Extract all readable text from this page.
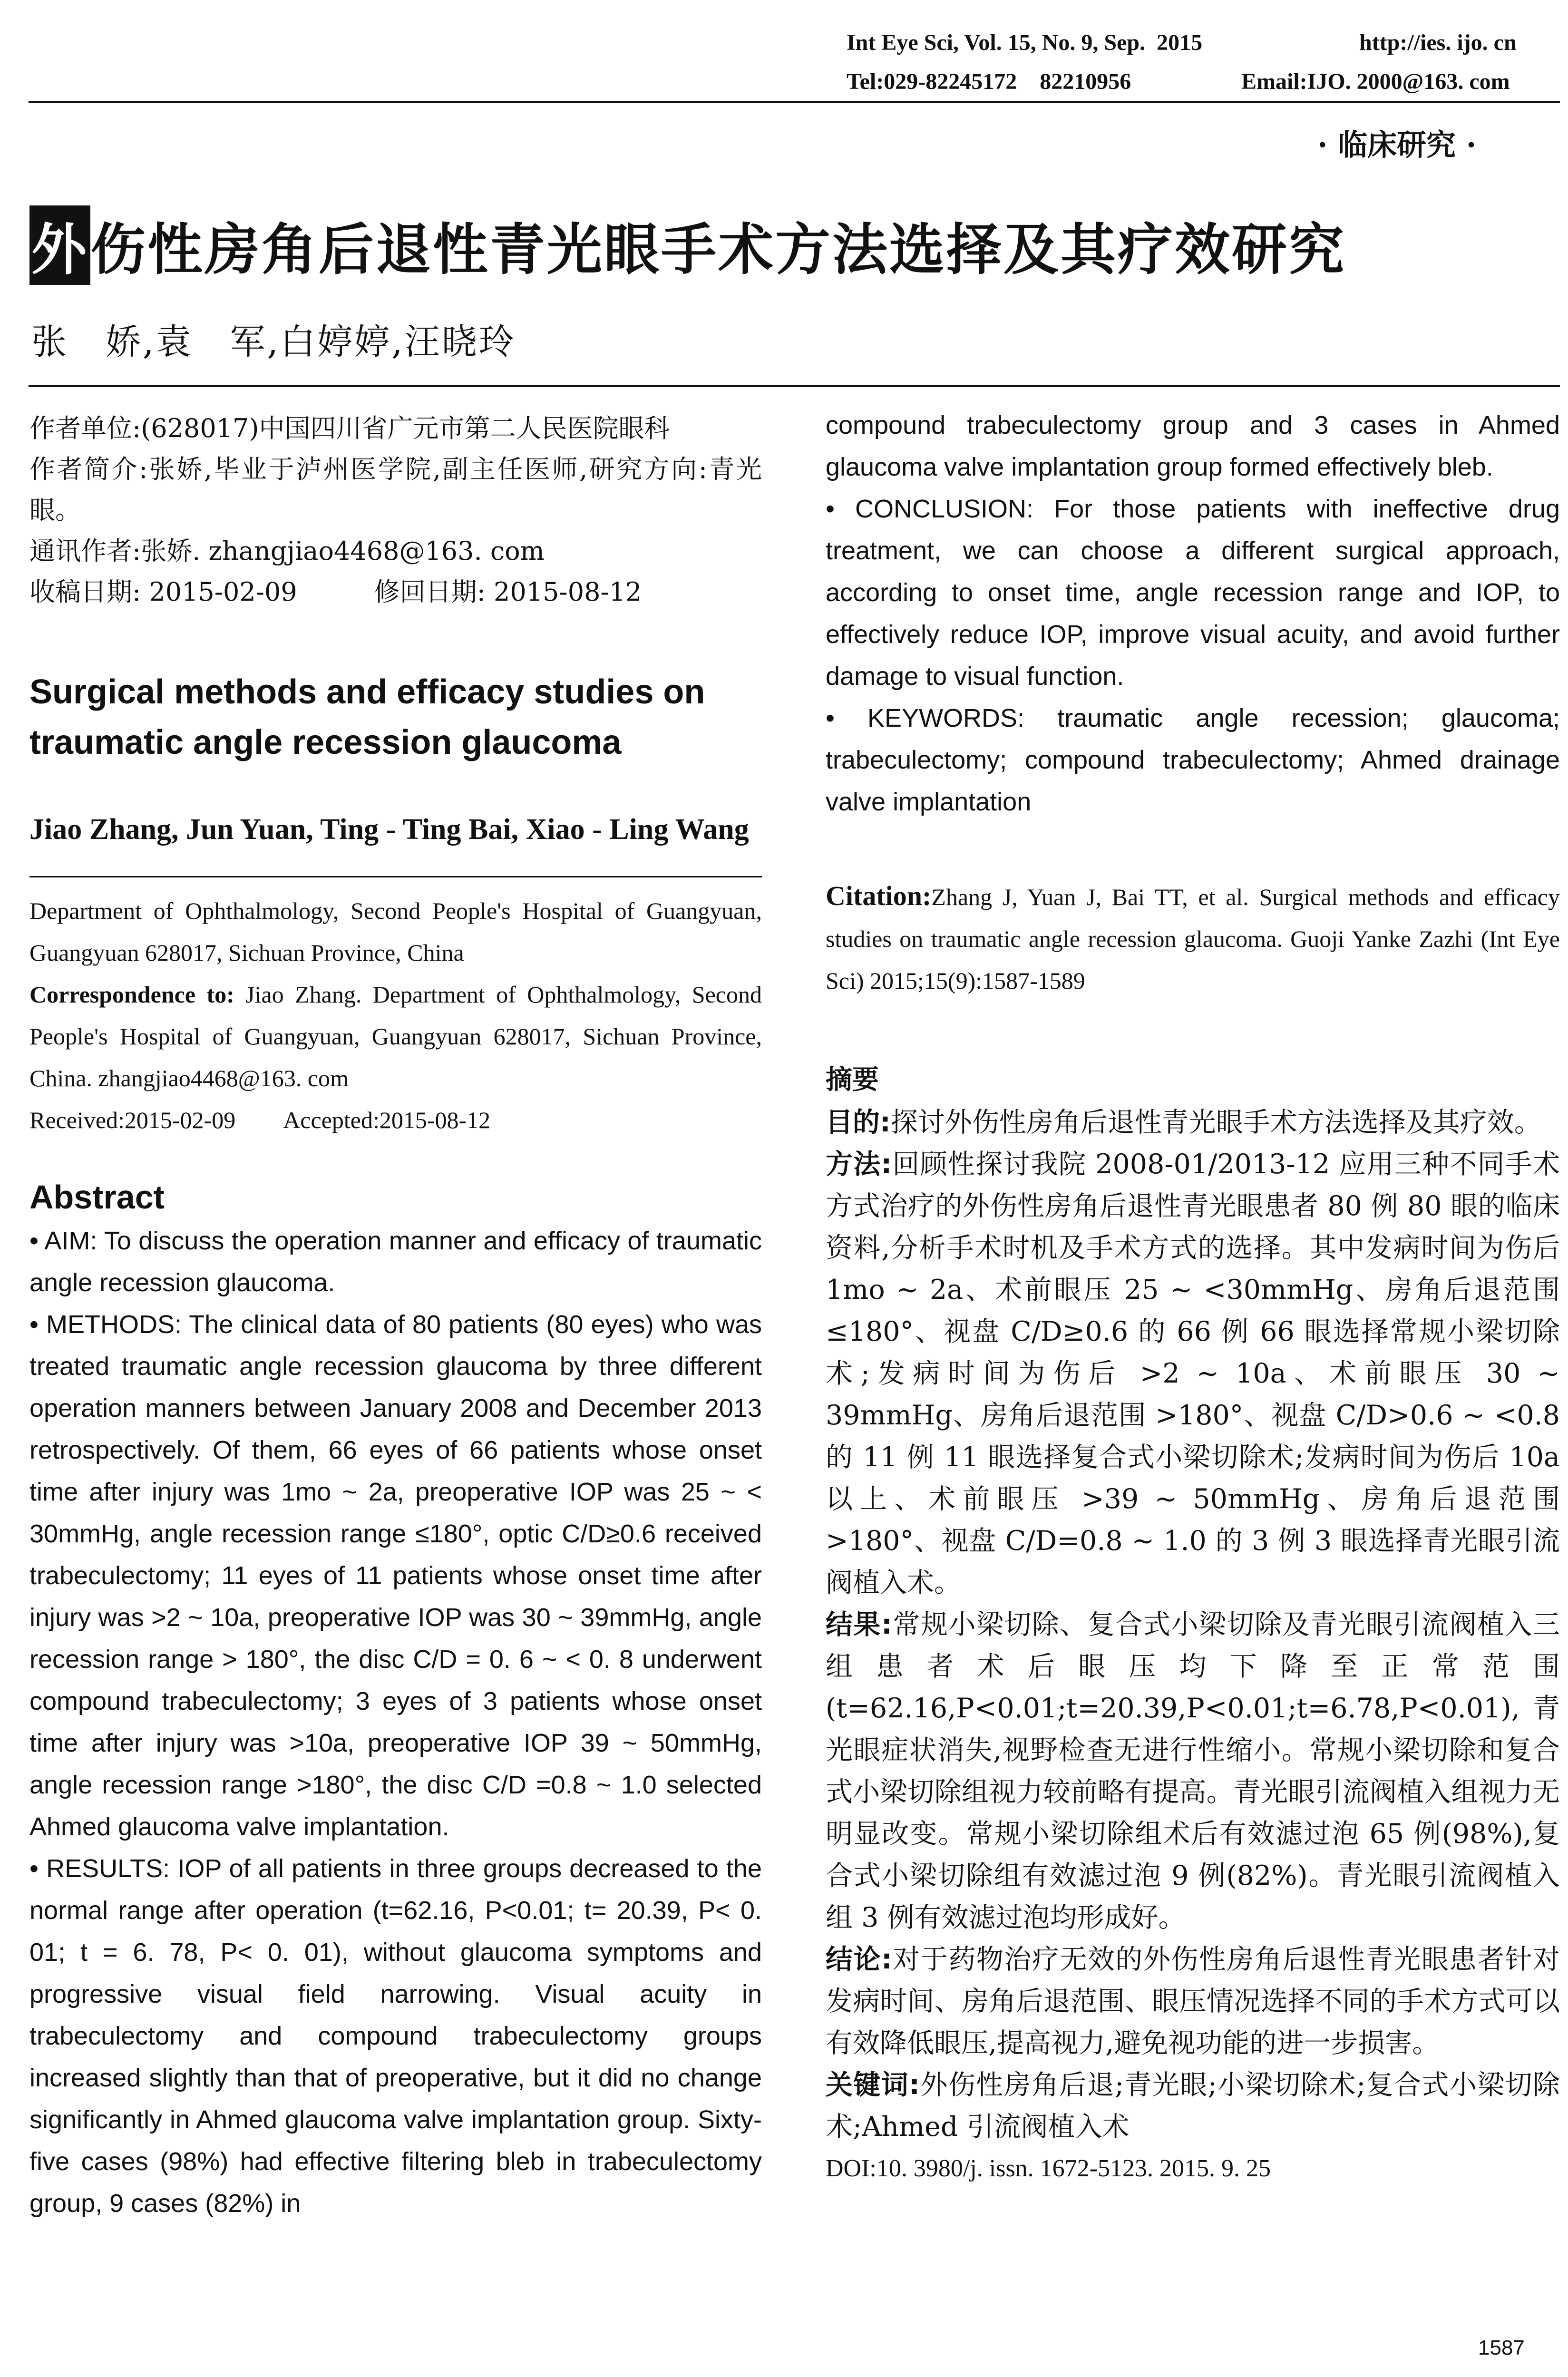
Int Eye Sci, Vol. 15, No. 9, Sep.  2015	http://ies. ijo. cn
Tel:029-82245172    82210956	Email:IJO. 2000@163. com
· 临床研究 ·
外伤性房角后退性青光眼手术方法选择及其疗效研究
张　娇,袁　军,白婷婷,汪晓玲

作者单位:(628017)中国四川省广元市第二人民医院眼科

作者简介:张娇,毕业于泸州医学院,副主任医师,研究方向:青光眼。

通讯作者:张娇. zhangjiao4468@163. com

收稿日期: 2015-02-09　　　修回日期: 2015-08-12

Surgical methods and efficacy studies on traumatic angle recession glaucoma

Jiao Zhang, Jun Yuan, Ting - Ting Bai, Xiao - Ling Wang

Department of Ophthalmology, Second People's Hospital of Guangyuan, Guangyuan 628017, Sichuan Province, China

Correspondence to: Jiao Zhang. Department of Ophthalmology, Second People's Hospital of Guangyuan, Guangyuan 628017, Sichuan Province, China. zhangjiao4468@163. com

Received:2015-02-09　　Accepted:2015-08-12

Abstract

• AIM: To discuss the operation manner and efficacy of traumatic angle recession glaucoma.

• METHODS: The clinical data of 80 patients (80 eyes) who was treated traumatic angle recession glaucoma by three different operation manners between January 2008 and December 2013 retrospectively. Of them, 66 eyes of 66 patients whose onset time after injury was 1mo ~ 2a, preoperative IOP was 25 ~ < 30mmHg, angle recession range ≤180°, optic C/D≥0.6 received trabeculectomy; 11 eyes of 11 patients whose onset time after injury was >2 ~ 10a, preoperative IOP was 30 ~ 39mmHg, angle recession range > 180°, the disc C/D = 0. 6 ~ < 0. 8 underwent compound trabeculectomy; 3 eyes of 3 patients whose onset time after injury was >10a, preoperative IOP 39 ~ 50mmHg, angle recession range >180°, the disc C/D =0.8 ~ 1.0 selected Ahmed glaucoma valve implantation.

• RESULTS: IOP of all patients in three groups decreased to the normal range after operation (t=62.16, P<0.01; t= 20.39, P< 0. 01; t = 6. 78, P< 0. 01), without glaucoma symptoms and progressive visual field narrowing. Visual acuity in trabeculectomy and compound trabeculectomy groups increased slightly than that of preoperative, but it did no change significantly in Ahmed glaucoma valve implantation group. Sixty-five cases (98%) had effective filtering bleb in trabeculectomy group, 9 cases (82%) in

compound trabeculectomy group and 3 cases in Ahmed glaucoma valve implantation group formed effectively bleb.

• CONCLUSION: For those patients with ineffective drug treatment, we can choose a different surgical approach, according to onset time, angle recession range and IOP, to effectively reduce IOP, improve visual acuity, and avoid further damage to visual function.

• KEYWORDS: traumatic angle recession; glaucoma; trabeculectomy; compound trabeculectomy; Ahmed drainage valve implantation

Citation:Zhang J, Yuan J, Bai TT, et al. Surgical methods and efficacy studies on traumatic angle recession glaucoma. Guoji Yanke Zazhi (Int Eye Sci) 2015;15(9):1587-1589

摘要

目的:探讨外伤性房角后退性青光眼手术方法选择及其疗效。

方法:回顾性探讨我院 2008-01/2013-12 应用三种不同手术方式治疗的外伤性房角后退性青光眼患者 80 例 80 眼的临床资料,分析手术时机及手术方式的选择。其中发病时间为伤后 1mo ~ 2a、术前眼压 25 ~ <30mmHg、房角后退范围≤180°、视盘 C/D≥0.6 的 66 例 66 眼选择常规小梁切除术;发病时间为伤后 >2 ~ 10a、术前眼压 30 ~ 39mmHg、房角后退范围 >180°、视盘 C/D>0.6 ~ <0.8 的 11 例 11 眼选择复合式小梁切除术;发病时间为伤后 10a 以上、术前眼压 >39 ~ 50mmHg、房角后退范围 >180°、视盘 C/D=0.8 ~ 1.0 的 3 例 3 眼选择青光眼引流阀植入术。

结果:常规小梁切除、复合式小梁切除及青光眼引流阀植入三组患者术后眼压均下降至正常范围(t=62.16,P<0.01;t=20.39,P<0.01;t=6.78,P<0.01),青光眼症状消失,视野检查无进行性缩小。常规小梁切除和复合式小梁切除组视力较前略有提高。青光眼引流阀植入组视力无明显改变。常规小梁切除组术后有效滤过泡 65 例(98%),复合式小梁切除组有效滤过泡 9 例(82%)。青光眼引流阀植入组 3 例有效滤过泡均形成好。

结论:对于药物治疗无效的外伤性房角后退性青光眼患者针对发病时间、房角后退范围、眼压情况选择不同的手术方式可以有效降低眼压,提高视力,避免视功能的进一步损害。

关键词:外伤性房角后退;青光眼;小梁切除术;复合式小梁切除术;Ahmed 引流阀植入术

DOI:10. 3980/j. issn. 1672-5123. 2015. 9. 25

1587
